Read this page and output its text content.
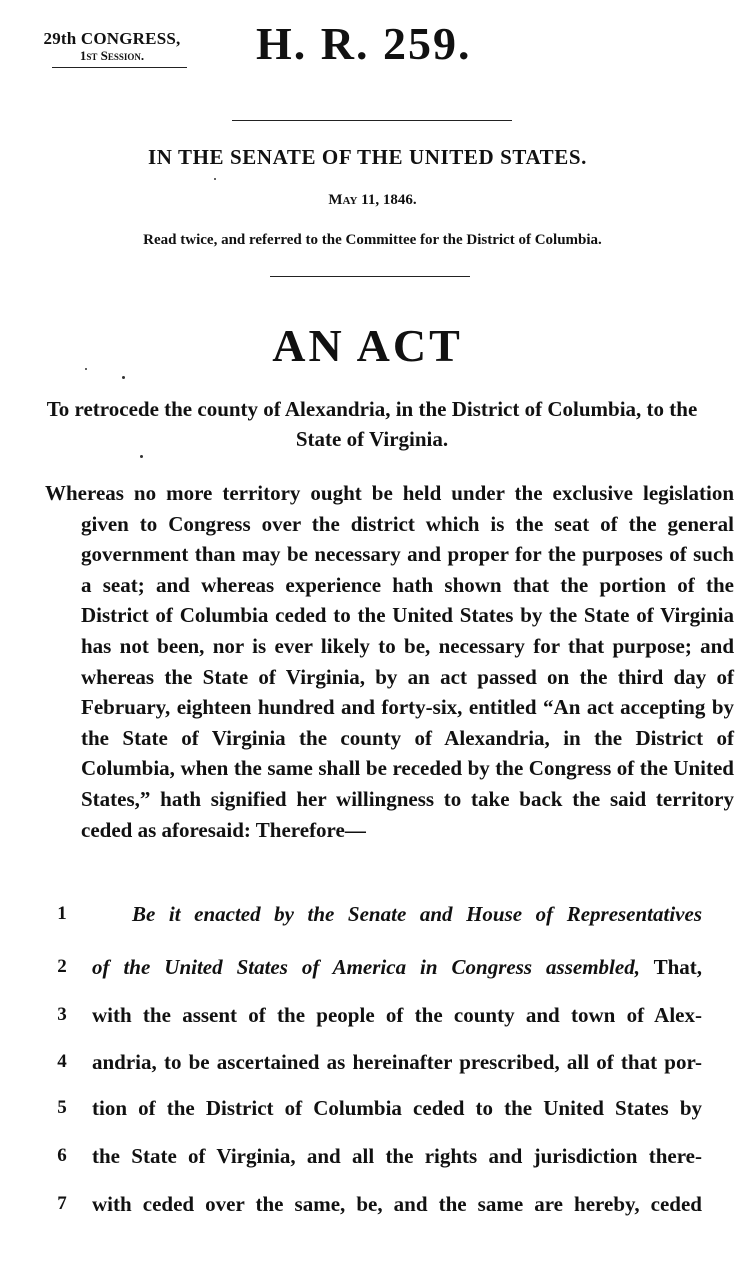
29th CONGRESS,
1st Session.	H. R. 259.
IN THE SENATE OF THE UNITED STATES.
May 11, 1846.
Read twice, and referred to the Committee for the District of Columbia.
AN ACT
To retrocede the county of Alexandria, in the District of Columbia, to the State of Virginia.
Whereas no more territory ought be held under the exclusive legislation given to Congress over the district which is the seat of the general government than may be necessary and proper for the purposes of such a seat; and whereas experience hath shown that the portion of the District of Columbia ceded to the United States by the State of Virginia has not been, nor is ever likely to be, necessary for that purpose; and whereas the State of Virginia, by an act passed on the third day of February, eighteen hundred and forty-six, entitled “An act accepting by the State of Virginia the county of Alexandria, in the District of Columbia, when the same shall be receded by the Congress of the United States,” hath signified her willingness to take back the said territory ceded as aforesaid: Therefore—
1	Be it enacted by the Senate and House of Representatives
2 of the United States of America in Congress assembled, That,
3 with the assent of the people of the county and town of Alex-
4 andria, to be ascertained as hereinafter prescribed, all of that por-
5 tion of the District of Columbia ceded to the United States by
6 the State of Virginia, and all the rights and jurisdiction there-
7 with ceded over the same, be, and the same are hereby, ceded
